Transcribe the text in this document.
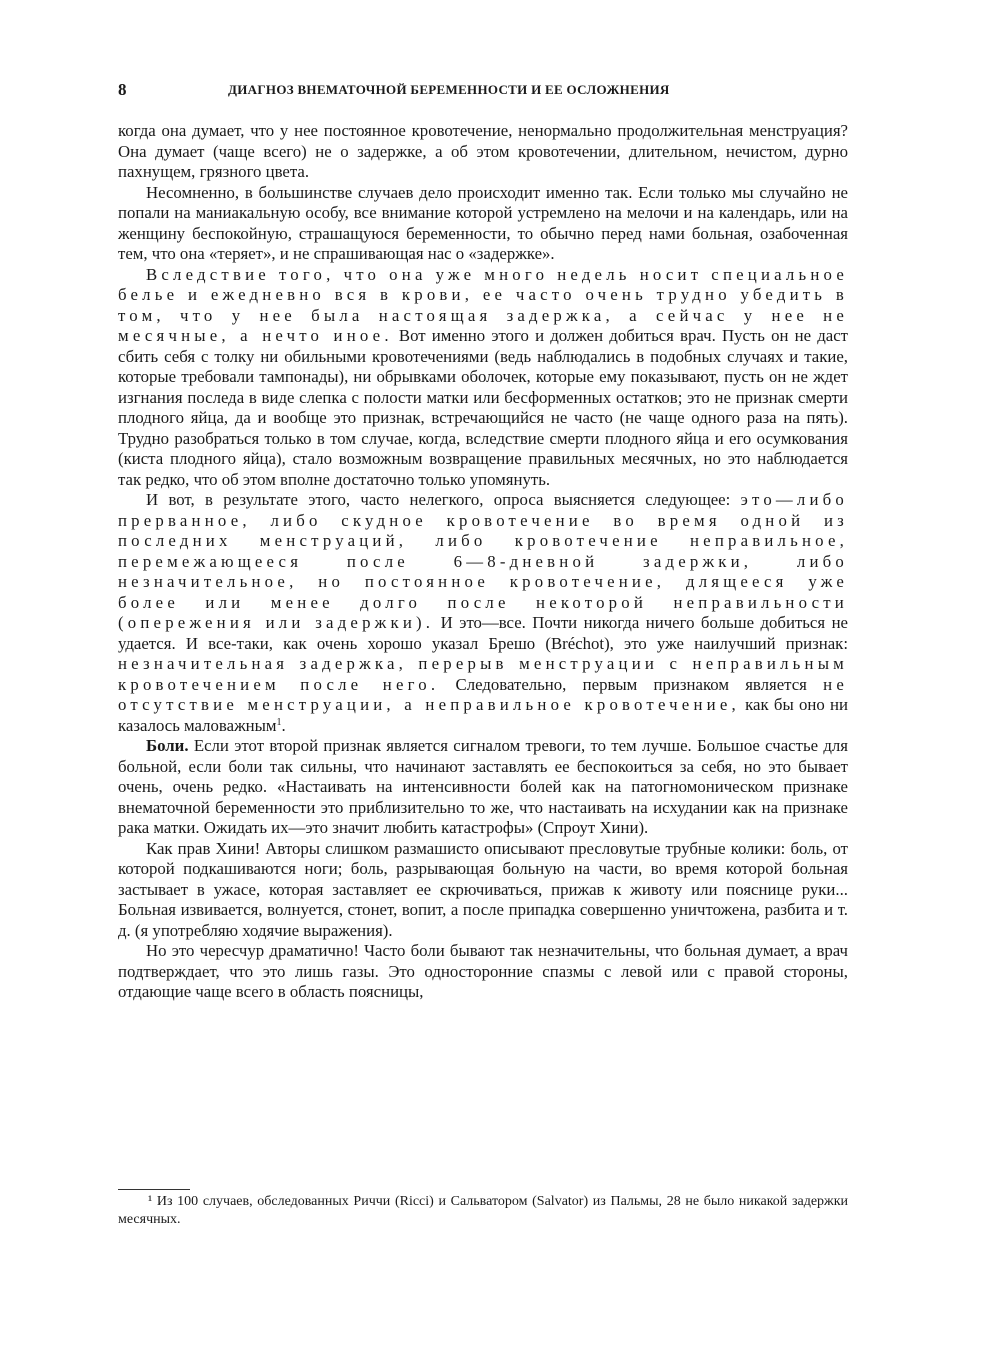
8	ДИАГНОЗ ВНЕМАТОЧНОЙ БЕРЕМЕННОСТИ И ЕЕ ОСЛОЖНЕНИЯ

когда она думает, что у нее постоянное кровотечение, ненормально продолжительная менструация? Она думает (чаще всего) не о задержке, а об этом кровотечении, длительном, нечистом, дурно пахнущем, грязного цвета.

Несомненно, в большинстве случаев дело происходит именно так. Если только мы случайно не попали на маниакальную особу, все внимание которой устремлено на мелочи и на календарь, или на женщину беспокойную, страшащуюся беременности, то обычно перед нами больная, озабоченная тем, что она «теряет», и не спрашивающая нас о «задержке».

Вследствие того, что она уже много недель носит специальное белье и ежедневно вся в крови, ее часто очень трудно убедить в том, что у нее была настоящая задержка, а сейчас у нее не месячные, а нечто иное. Вот именно этого и должен добиться врач. Пусть он не даст сбить себя с толку ни обильными кровотечениями (ведь наблюдались в подобных случаях и такие, которые требовали тампонады), ни обрывками оболочек, которые ему показывают, пусть он не ждет изгнания последа в виде слепка с полости матки или бесформенных остатков; это не признак смерти плодного яйца, да и вообще это признак, встречающийся не часто (не чаще одного раза на пять). Трудно разобраться только в том случае, когда, вследствие смерти плодного яйца и его осумкования (киста плодного яйца), стало возможным возвращение правильных месячных, но это наблюдается так редко, что об этом вполне достаточно только упомянуть.

И вот, в результате этого, часто нелегкого, опроса выясняется следующее: это—либо прерванное, либо скудное кровотечение во время одной из последних менструаций, либо кровотечение неправильное, перемежающееся после 6—8-дневной задержки, либо незначительное, но постоянное кровотечение, длящееся уже более или менее долго после некоторой неправильности (опережения или задержки). И это—все. Почти никогда ничего больше добиться не удается. И все-таки, как очень хорошо указал Брешо (Bréchot), это уже наилучший признак: незначительная задержка, перерыв менструации с неправильным кровотечением после него. Следовательно, первым признаком является не отсутствие менструации, а неправильное кровотечение, как бы оно ни казалось маловажным$^1$.

Боли. Если этот второй признак является сигналом тревоги, то тем лучше. Большое счастье для больной, если боли так сильны, что начинают заставлять ее беспокоиться за себя, но это бывает очень, очень редко. «Настаивать на интенсивности болей как на патогномоническом признаке внематочной беременности это приблизительно то же, что настаивать на исхудании как на признаке рака матки. Ожидать их—это значит любить катастрофы» (Спроут Хини).

Как прав Хини! Авторы слишком размашисто описывают пресловутые трубные колики: боль, от которой подкашиваются ноги; боль, разрывающая больную на части, во время которой больная застывает в ужасе, которая заставляет ее скрючиваться, прижав к животу или пояснице руки... Больная извивается, волнуется, стонет, вопит, а после припадка совершенно уничтожена, разбита и т. д. (я употребляю ходячие выражения).

Но это чересчур драматично! Часто боли бывают так незначительны, что больная думает, а врач подтверждает, что это лишь газы. Это односторонние спазмы с левой или с правой стороны, отдающие чаще всего в область поясницы,

¹ Из 100 случаев, обследованных Риччи (Ricci) и Сальватором (Salvator) из Пальмы, 28 не было никакой задержки месячных.
